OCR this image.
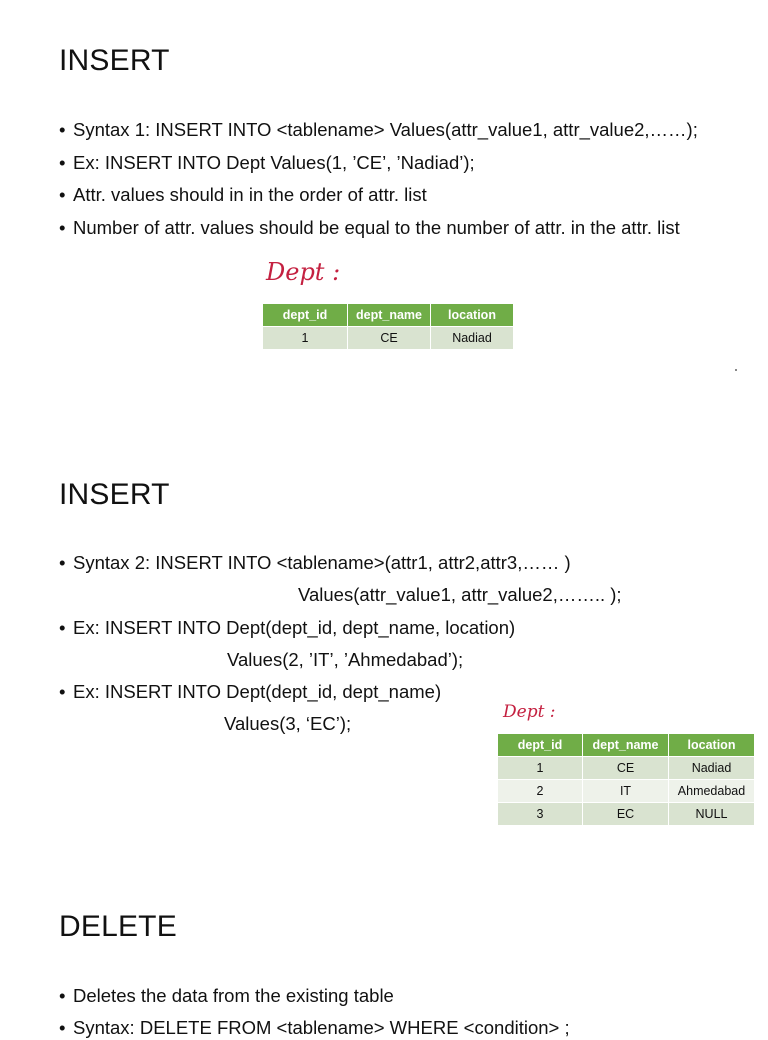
INSERT
• Syntax 1: INSERT INTO <tablename> Values(attr_value1, attr_value2,……);
• Ex: INSERT INTO Dept Values(1, ’CE’, ’Nadiad’);
• Attr. values should in in the order of attr. list
• Number of attr. values should be equal to the number of attr. in the attr. list
Dept :
dept_id	dept_name	location
1	CE	Nadiad
INSERT
• Syntax 2: INSERT INTO <tablename>(attr1, attr2,attr3,…… )
Values(attr_value1, attr_value2,…….. );
• Ex: INSERT INTO Dept(dept_id, dept_name, location)
Values(2, ’IT’, ’Ahmedabad’);
• Ex: INSERT INTO Dept(dept_id, dept_name)
Values(3, ‘EC’);
Dept :
dept_id	dept_name	location
1	CE	Nadiad
2	IT	Ahmedabad
3	EC	NULL
DELETE
• Deletes the data from the existing table
• Syntax: DELETE FROM <tablename> WHERE <condition> ;
